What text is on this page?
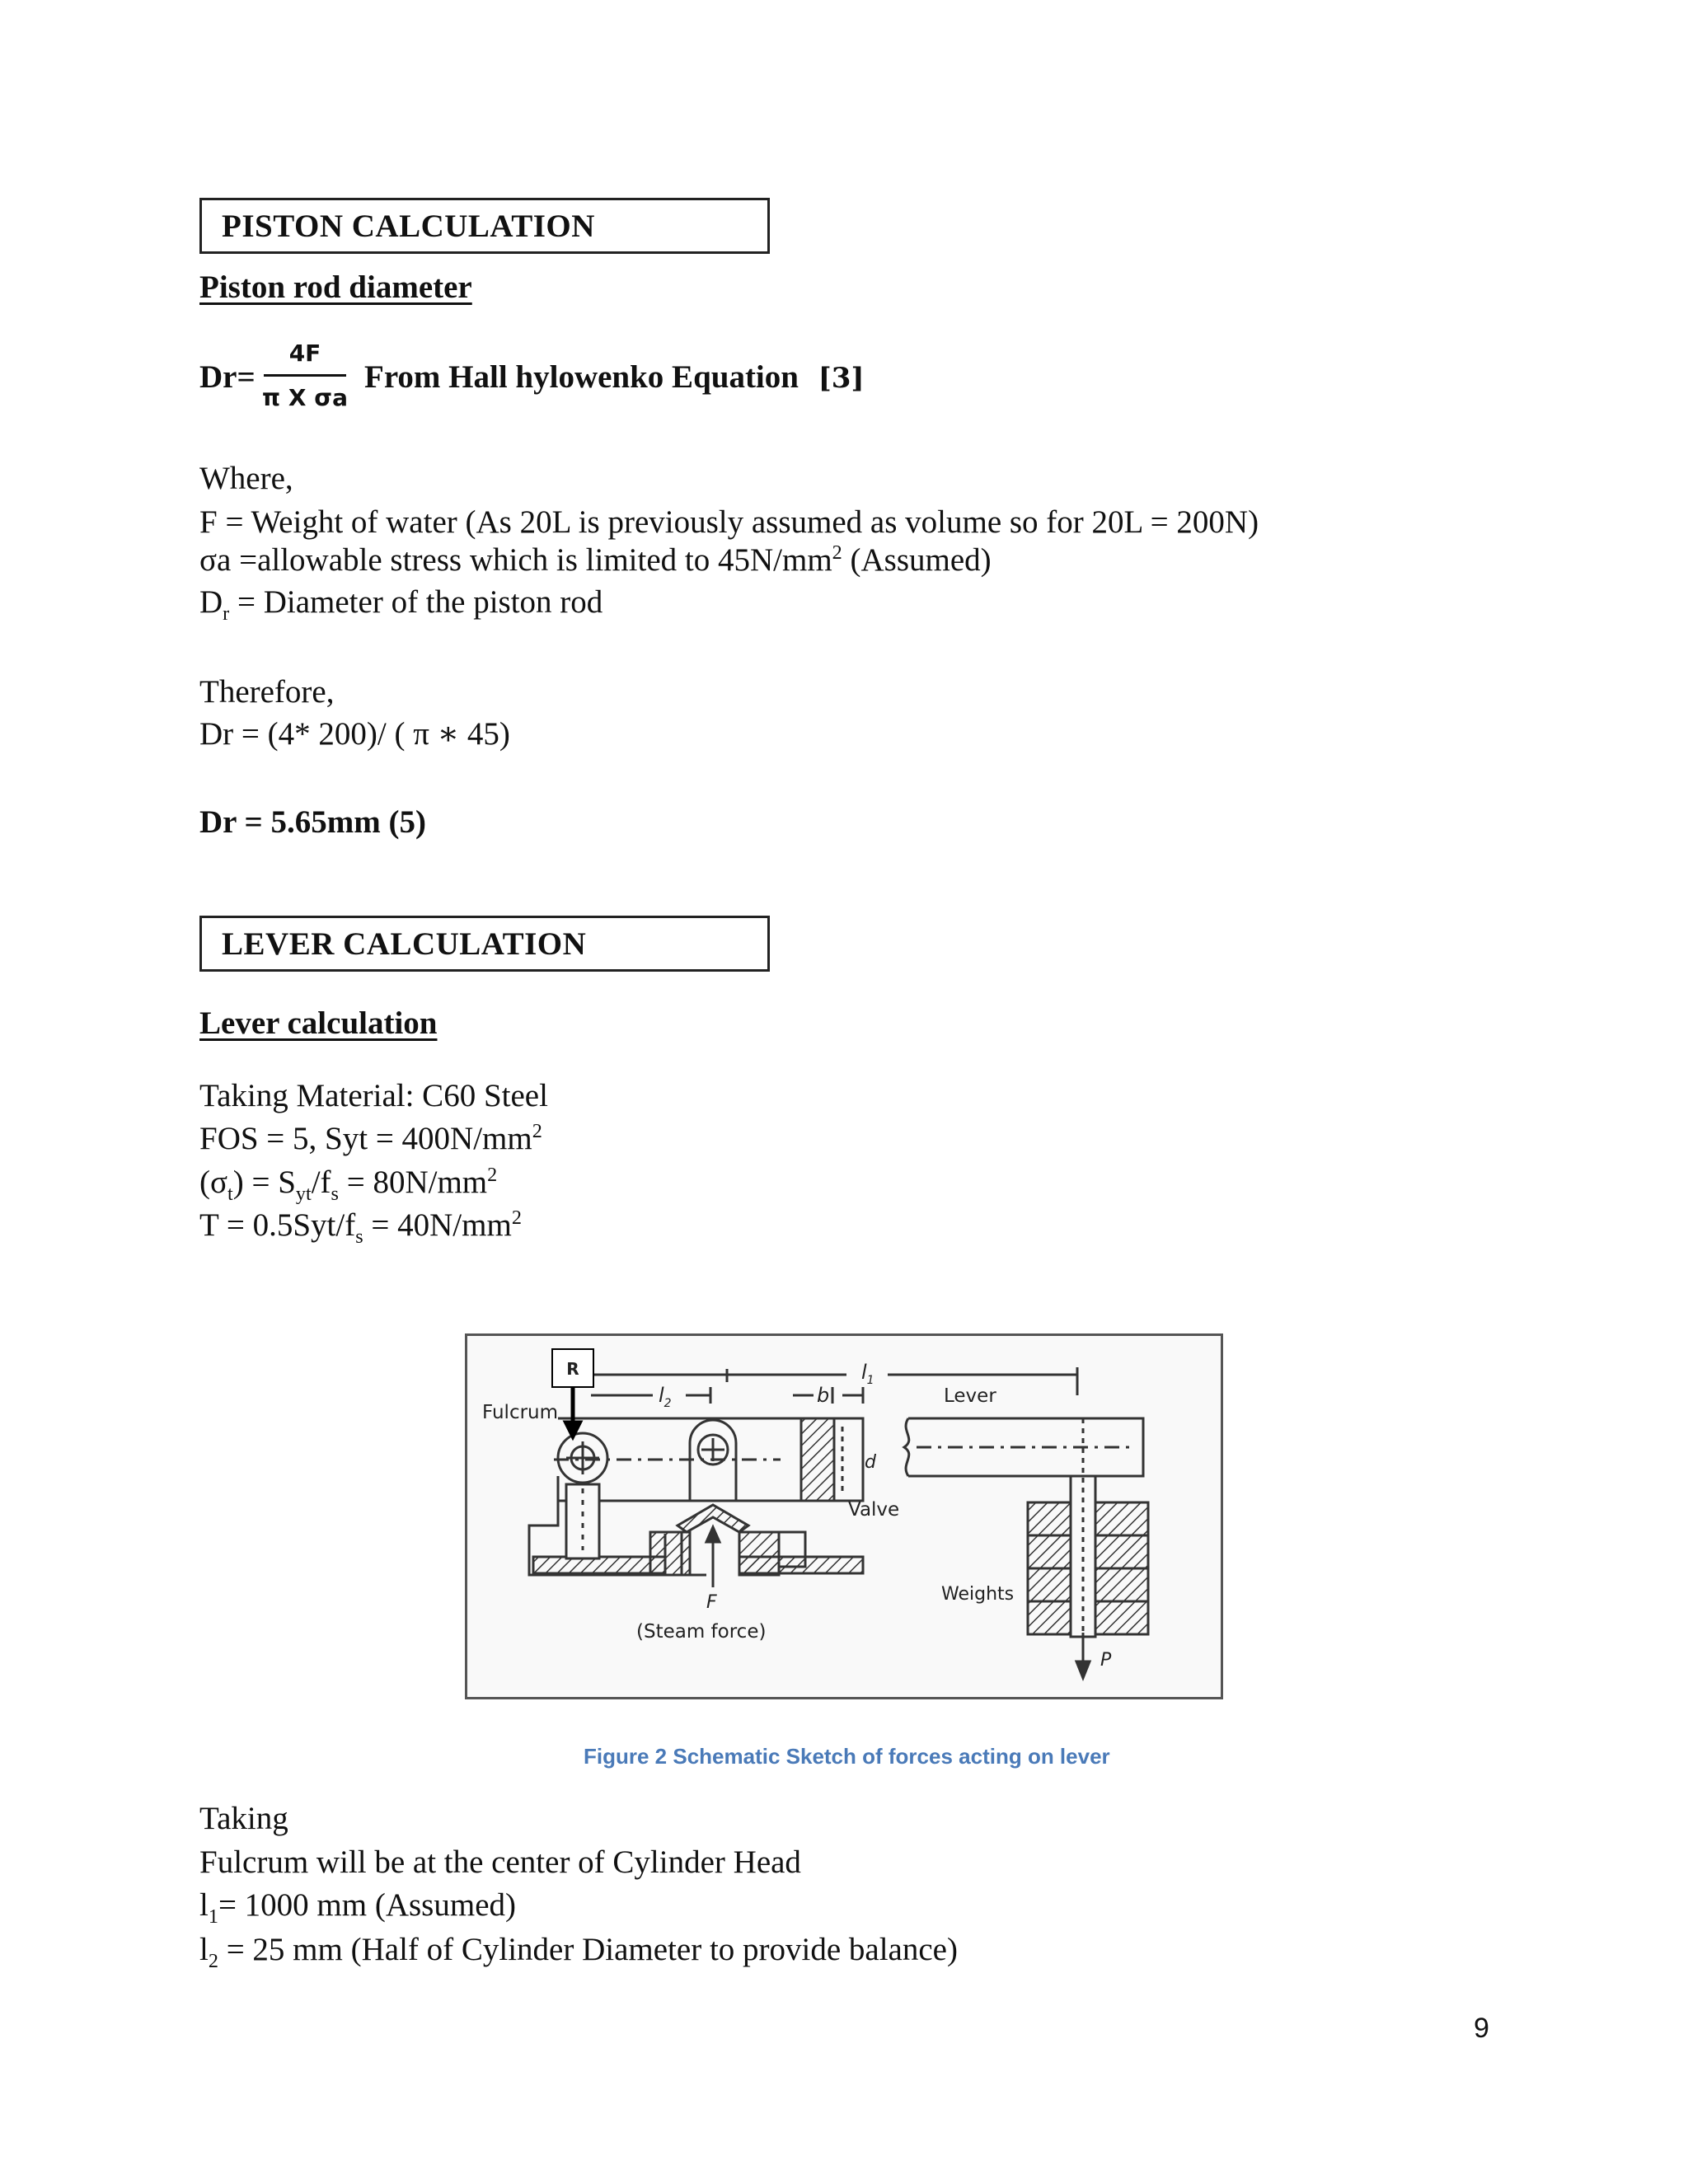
PISTON CALCULATION
Piston rod diameter
Dr=
4F
π X σa
From Hall hylowenko Equation [3]
Where,
F = Weight of water (As 20L is previously assumed as volume so for 20L = 200N)
σa =allowable stress which is limited to $45N/mm^2$ (Assumed)
$D_r$ = Diameter of the piston rod
Therefore,
Dr = (4* 200)/ ( π ∗ 45)
Dr = 5.65mm (5)
LEVER CALCULATION
Lever calculation
Taking Material: C60 Steel
FOS = 5, Syt = $400N/mm^2$
$(\sigma_t) = S_{yt}/f_s = 80N/mm^2$
$T = 0.5Syt/f_s = 40N/mm^2$
R
Fulcrum
$l_2$	b
$l_1$
Lever
d
Valve
F
(Steam force)
Weights
P
Figure 2 Schematic Sketch of forces acting on lever
Taking
Fulcrum will be at the center of Cylinder Head
$l_1= 1000$ mm (Assumed)
$l_2 = 25$ mm (Half of Cylinder Diameter to provide balance)
9
